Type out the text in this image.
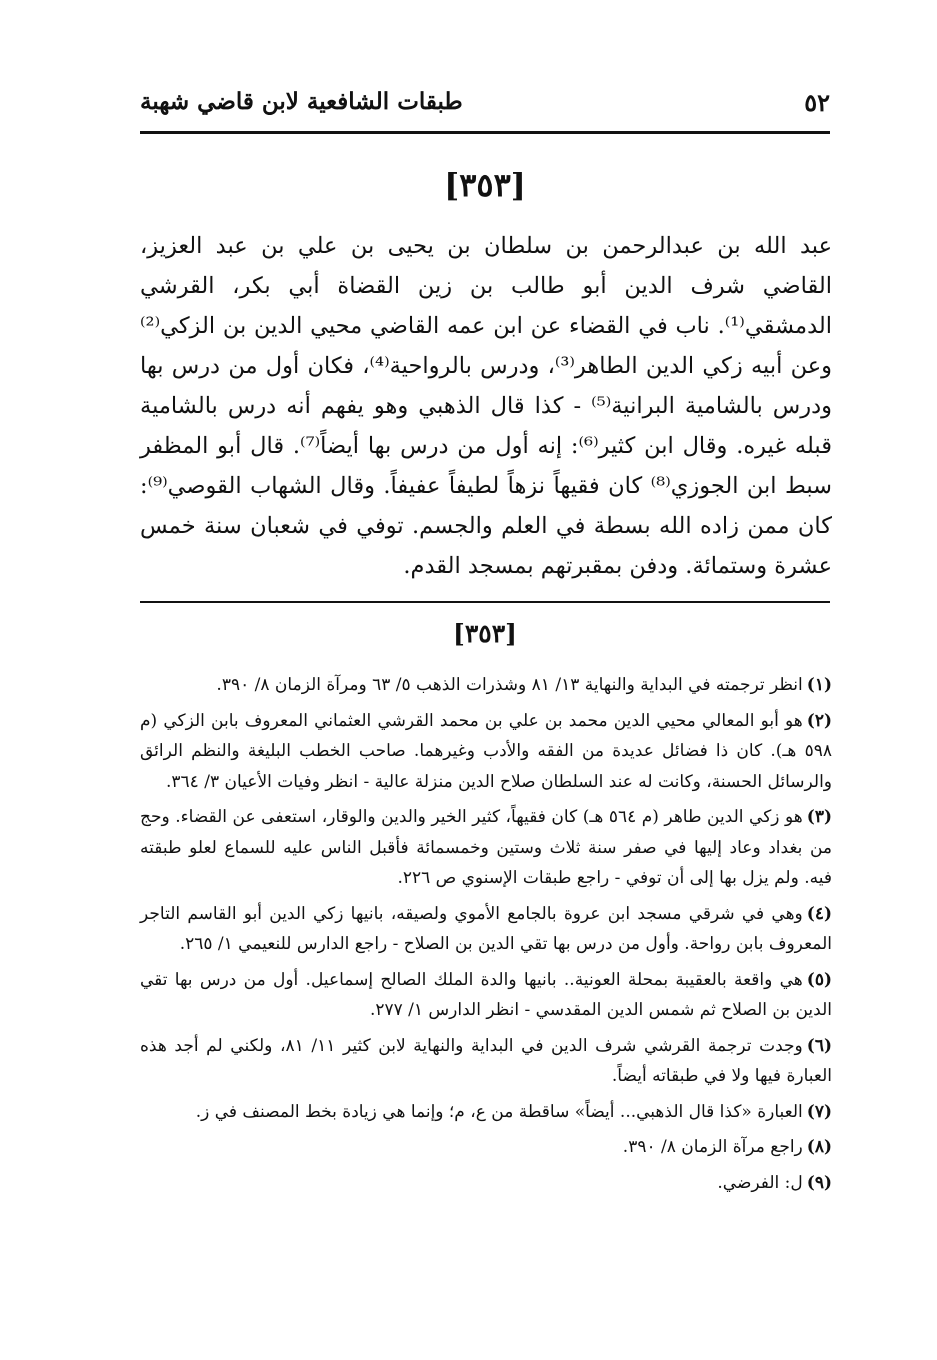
٥٢
طبقات الشافعية لابن قاضي شهبة
[٣٥٣]

عبد الله بن عبدالرحمن بن سلطان بن يحيى بن علي بن عبد العزيز، القاضي شرف الدين أبو طالب بن زين القضاة أبي بكر، القرشي الدمشقي⁽¹⁾. ناب في القضاء عن ابن عمه القاضي محيي الدين بن الزكي⁽²⁾ وعن أبيه زكي الدين الطاهر⁽³⁾، ودرس بالرواحية⁽⁴⁾، فكان أول من درس بها ودرس بالشامية البرانية⁽⁵⁾ - كذا قال الذهبي وهو يفهم أنه درس بالشامية قبله غيره. وقال ابن كثير⁽⁶⁾: إنه أول من درس بها أيضاً⁽⁷⁾. قال أبو المظفر سبط ابن الجوزي⁽⁸⁾ كان فقيهاً نزهاً لطيفاً عفيفاً. وقال الشهاب القوصي⁽⁹⁾: كان ممن زاده الله بسطة في العلم والجسم. توفي في شعبان سنة خمس عشرة وستمائة. ودفن بمقبرتهم بمسجد القدم.

[٣٥٣]

(١)انظر ترجمته في البداية والنهاية ١٣/ ٨١ وشذرات الذهب ٥/ ٦٣ ومرآة الزمان ٨/ ٣٩٠.

(٢)هو أبو المعالي محيي الدين محمد بن علي بن محمد القرشي العثماني المعروف بابن الزكي (م ٥٩٨ هـ). كان ذا فضائل عديدة من الفقه والأدب وغيرهما. صاحب الخطب البليغة والنظم الرائق والرسائل الحسنة، وكانت له عند السلطان صلاح الدين منزلة عالية - انظر وفيات الأعيان ٣/ ٣٦٤.

(٣)هو زكي الدين طاهر (م ٥٦٤ هـ) كان فقيهاً، كثير الخير والدين والوقار، استعفى عن القضاء. وحج من بغداد وعاد إليها في صفر سنة ثلاث وستين وخمسمائة فأقبل الناس عليه للسماع لعلو طبقته فيه. ولم يزل بها إلى أن توفي - راجع طبقات الإسنوي ص ٢٢٦.

(٤)وهي في شرقي مسجد ابن عروة بالجامع الأموي ولصيقه، بانيها زكي الدين أبو القاسم التاجر المعروف بابن رواحة. وأول من درس بها تقي الدين بن الصلاح - راجع الدارس للنعيمي ١/ ٢٦٥.

(٥)هي واقعة بالعقيبة بمحلة العونية.. بانيها والدة الملك الصالح إسماعيل. أول من درس بها تقي الدين بن الصلاح ثم شمس الدين المقدسي - انظر الدارس ١/ ٢٧٧.

(٦)وجدت ترجمة القرشي شرف الدين في البداية والنهاية لابن كثير ١١/ ٨١، ولكني لم أجد هذه العبارة فيها ولا في طبقاته أيضاً.

(٧)العبارة «كذا قال الذهبي... أيضاً» ساقطة من ع، م؛ وإنما هي زيادة بخط المصنف في ز.

(٨)راجع مرآة الزمان ٨/ ٣٩٠.

(٩)ل: الفرضي.
